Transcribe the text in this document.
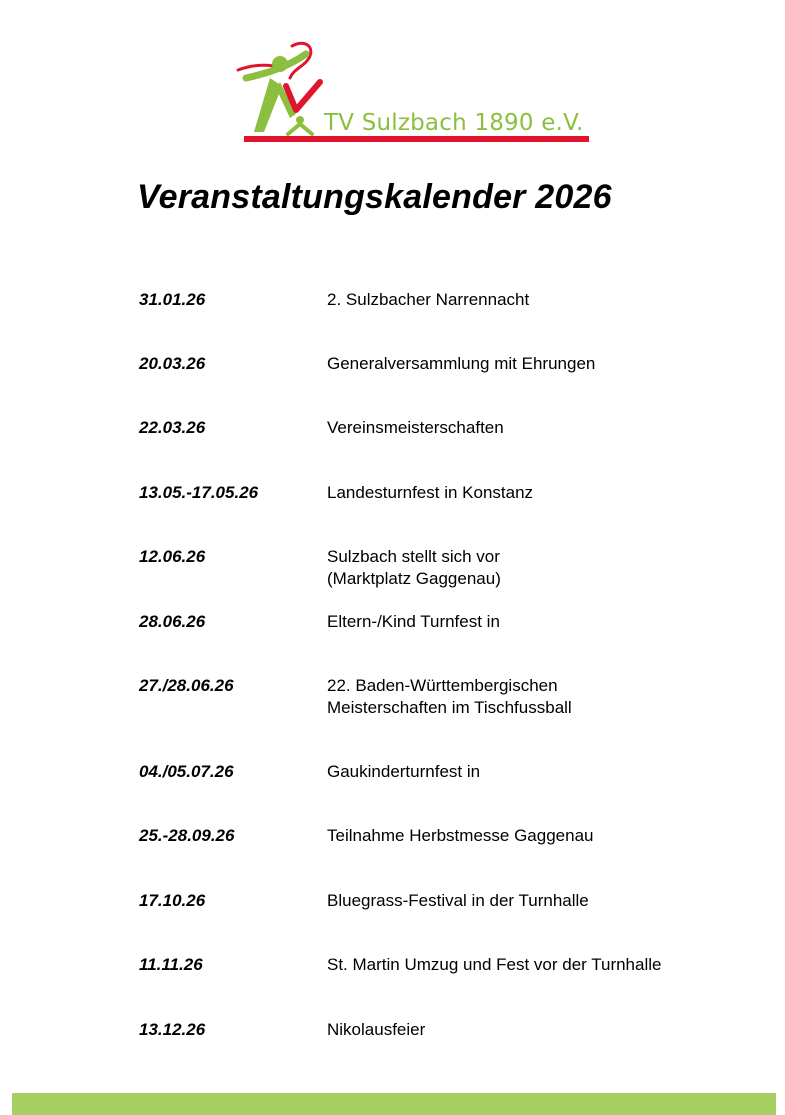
TV Sulzbach 1890 e.V.
Veranstaltungskalender 2026
31.01.26	2. Sulzbacher Narrennacht
20.03.26	Generalversammlung mit Ehrungen
22.03.26	Vereinsmeisterschaften
13.05.-17.05.26	Landesturnfest in Konstanz
12.06.26	Sulzbach stellt sich vor
(Marktplatz Gaggenau)
28.06.26	Eltern-/Kind Turnfest in
27./28.06.26	22. Baden-Württembergischen
Meisterschaften im Tischfussball
04./05.07.26	Gaukinderturnfest in
25.-28.09.26	Teilnahme Herbstmesse Gaggenau
17.10.26	Bluegrass-Festival in der Turnhalle
11.11.26	St. Martin Umzug und Fest vor der Turnhalle
13.12.26	Nikolausfeier
